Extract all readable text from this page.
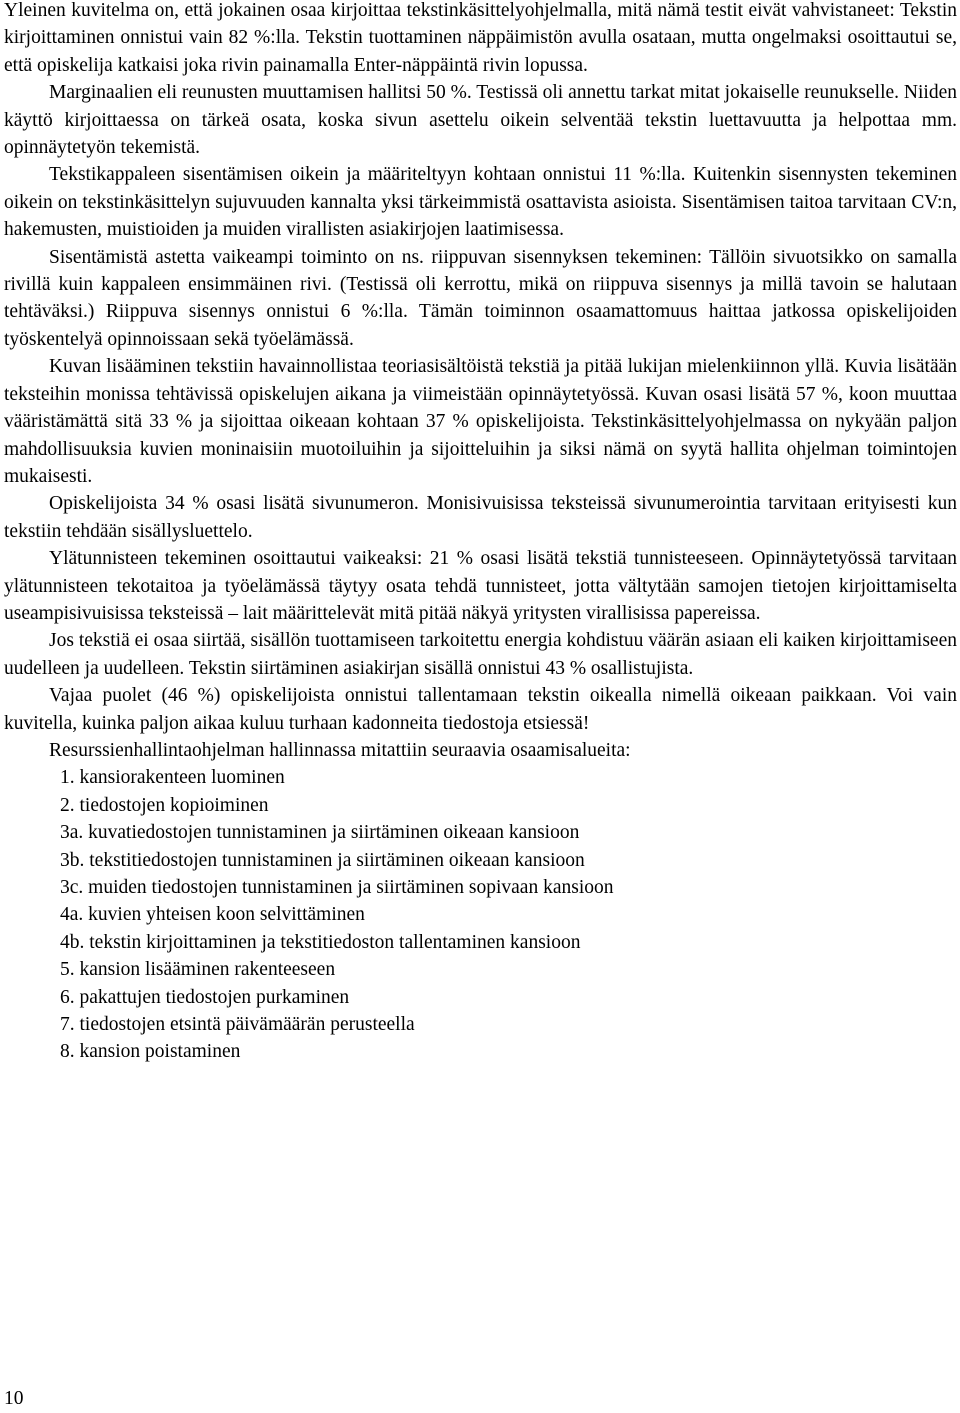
Yleinen kuvitelma on, että jokainen osaa kirjoittaa tekstinkäsittelyohjelmalla, mitä nämä testit eivät vahvistaneet: Tekstin kirjoittaminen onnistui vain 82 %:lla. Tekstin tuottaminen näppäimistön avulla osataan, mutta ongelmaksi osoittautui se, että opiskelija katkaisi joka rivin painamalla Enter-näppäintä rivin lopussa.

Marginaalien eli reunusten muuttamisen hallitsi 50 %. Testissä oli annettu tarkat mitat jokaiselle reunukselle. Niiden käyttö kirjoittaessa on tärkeä osata, koska sivun asettelu oikein selventää tekstin luettavuutta ja helpottaa mm. opinnäytetyön tekemistä.

Tekstikappaleen sisentämisen oikein ja määriteltyyn kohtaan onnistui 11 %:lla. Kuitenkin sisennysten tekeminen oikein on tekstinkäsittelyn sujuvuuden kannalta yksi tärkeimmistä osattavista asioista. Sisentämisen taitoa tarvitaan CV:n, hakemusten, muistioiden ja muiden virallisten asiakirjojen laatimisessa.

Sisentämistä astetta vaikeampi toiminto on ns. riippuvan sisennyksen tekeminen: Tällöin sivuotsikko on samalla rivillä kuin kappaleen ensimmäinen rivi. (Testissä oli kerrottu, mikä on riippuva sisennys ja millä tavoin se halutaan tehtäväksi.) Riippuva sisennys onnistui 6 %:lla. Tämän toiminnon osaamattomuus haittaa jatkossa opiskelijoiden työskentelyä opinnoissaan sekä työelämässä.

Kuvan lisääminen tekstiin havainnollistaa teoriasisältöistä tekstiä ja pitää lukijan mielenkiinnon yllä. Kuvia lisätään teksteihin monissa tehtävissä opiskelujen aikana ja viimeistään opinnäytetyössä. Kuvan osasi lisätä 57 %, koon muuttaa vääristämättä sitä 33 % ja sijoittaa oikeaan kohtaan 37 % opiskelijoista. Tekstinkäsittelyohjelmassa on nykyään paljon mahdollisuuksia kuvien moninaisiin muotoiluihin ja sijoitteluihin ja siksi nämä on syytä hallita ohjelman toimintojen mukaisesti.

Opiskelijoista 34 % osasi lisätä sivunumeron. Monisivuisissa teksteissä sivunumerointia tarvitaan erityisesti kun tekstiin tehdään sisällysluettelo.

Ylätunnisteen tekeminen osoittautui vaikeaksi: 21 % osasi lisätä tekstiä tunnisteeseen. Opinnäytetyössä tarvitaan ylätunnisteen tekotaitoa ja työelämässä täytyy osata tehdä tunnisteet, jotta vältytään samojen tietojen kirjoittamiselta useampisivuisissa teksteissä – lait määrittelevät mitä pitää näkyä yritysten virallisissa papereissa.

Jos tekstiä ei osaa siirtää, sisällön tuottamiseen tarkoitettu energia kohdistuu väärän asiaan eli kaiken kirjoittamiseen uudelleen ja uudelleen. Tekstin siirtäminen asiakirjan sisällä onnistui 43 % osallistujista.

Vajaa puolet (46 %) opiskelijoista onnistui tallentamaan tekstin oikealla nimellä oikeaan paikkaan. Voi vain kuvitella, kuinka paljon aikaa kuluu turhaan kadonneita tiedostoja etsiessä!

Resurssienhallintaohjelman hallinnassa mitattiin seuraavia osaamisalueita:

1. kansiorakenteen luominen
2. tiedostojen kopioiminen
3a. kuvatiedostojen tunnistaminen ja siirtäminen oikeaan kansioon
3b. tekstitiedostojen tunnistaminen ja siirtäminen oikeaan kansioon
3c. muiden tiedostojen tunnistaminen ja siirtäminen sopivaan kansioon
4a. kuvien yhteisen koon selvittäminen
4b. tekstin kirjoittaminen ja tekstitiedoston tallentaminen kansioon
5. kansion lisääminen rakenteeseen
6. pakattujen tiedostojen purkaminen
7. tiedostojen etsintä päivämäärän perusteella
8. kansion poistaminen
10
